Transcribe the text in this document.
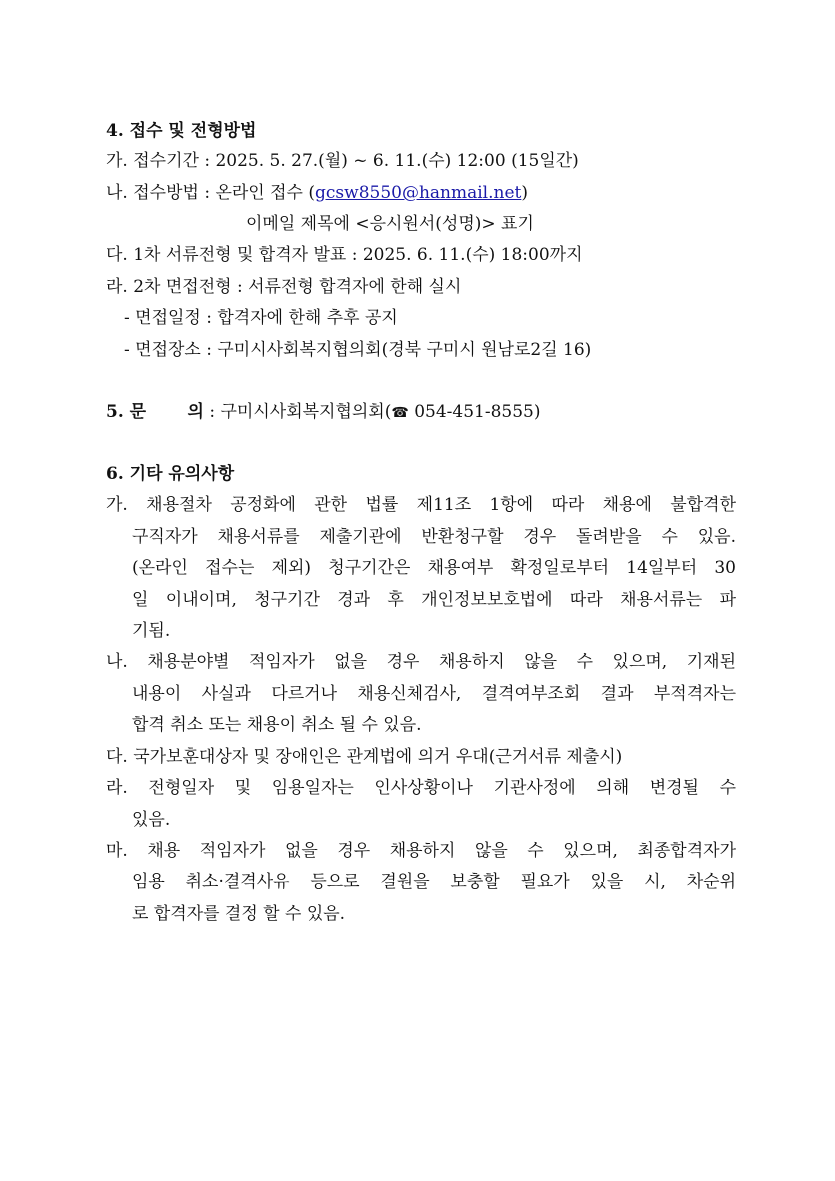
4. 접수 및 전형방법
가. 접수기간 : 2025. 5. 27.(월) ~ 6. 11.(수) 12:00 (15일간)
나. 접수방법 : 온라인 접수 (gcsw8550@hanmail.net)
이메일 제목에 <응시원서(성명)> 표기
다. 1차 서류전형 및 합격자 발표 : 2025. 6. 11.(수) 18:00까지
라. 2차 면접전형 : 서류전형 합격자에 한해 실시
- 면접일정 : 합격자에 한해 추후 공지
- 면접장소 : 구미시사회복지협의회(경북 구미시 원남로2길 16)
5. 문       의 : 구미시사회복지협의회(☎ 054-451-8555)
6. 기타 유의사항
가. 채용절차 공정화에 관한 법률 제11조 1항에 따라 채용에 불합격한
구직자가 채용서류를 제출기관에 반환청구할 경우 돌려받을 수 있음.
(온라인 접수는 제외) 청구기간은 채용여부 확정일로부터 14일부터 30
일 이내이며, 청구기간 경과 후 개인정보보호법에 따라 채용서류는 파
기됨.
나. 채용분야별 적임자가 없을 경우 채용하지 않을 수 있으며, 기재된
내용이 사실과 다르거나 채용신체검사, 결격여부조회 결과 부적격자는
합격 취소 또는 채용이 취소 될 수 있음.
다. 국가보훈대상자 및 장애인은 관계법에 의거 우대(근거서류 제출시)
라. 전형일자 및 임용일자는 인사상황이나 기관사정에 의해 변경될 수
있음.
마. 채용 적임자가 없을 경우 채용하지 않을 수 있으며, 최종합격자가
임용 취소·결격사유 등으로 결원을 보충할 필요가 있을 시, 차순위
로 합격자를 결정 할 수 있음.
